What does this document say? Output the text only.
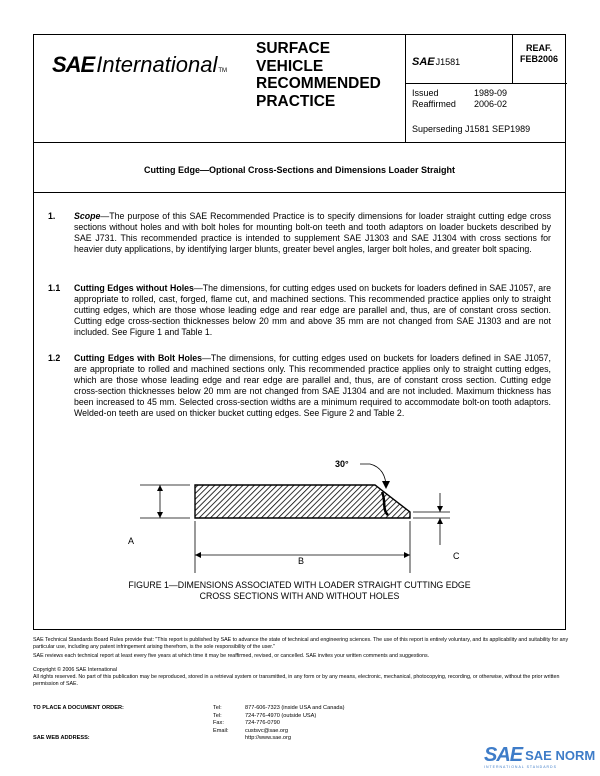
SAE International TM
SURFACE
VEHICLE
RECOMMENDED
PRACTICE
SAE J1581
REAF.
FEB2006
Issued	1989-09
Reaffirmed	2006-02
Superseding J1581 SEP1989
Cutting Edge—Optional Cross-Sections and Dimensions Loader Straight
1. Scope—The purpose of this SAE Recommended Practice is to specify dimensions for loader straight cutting edge cross sections without holes and with bolt holes for mounting bolt-on teeth and tooth adaptors on loader buckets described by SAE J731. This recommended practice is intended to supplement SAE J1303 and SAE J1304 with cross sections for heavier duty applications, by identifying larger blunts, greater bevel angles, larger bolt holes, and greater bolt spacing.
1.1 Cutting Edges without Holes—The dimensions, for cutting edges used on buckets for loaders defined in SAE J1057, are appropriate to rolled, cast, forged, flame cut, and machined sections. This recommended practice applies only to straight cutting edges, which are those whose leading edge and rear edge are parallel and, thus, are of constant cross section. Cutting edge cross-section thicknesses below 20 mm and above 35 mm are not changed from SAE J1303 and are not included. See Figure 1 and Table 1.
1.2 Cutting Edges with Bolt Holes—The dimensions, for cutting edges used on buckets for loaders defined in SAE J1057, are appropriate to rolled and machined sections only. This recommended practice applies only to straight cutting edges, which are those whose leading edge and rear edge are parallel and, thus, are of constant cross section. Cutting edge cross-section thicknesses below 20 mm are not changed from SAE J1304 and are not included. Maximum thickness has been increased to 45 mm. Selected cross-section widths are a minimum required to accommodate bolt-on tooth adaptors. Welded-on teeth are used on thicker bucket cutting edges. See Figure 2 and Table 2.
A
B	C
30°
FIGURE 1—DIMENSIONS ASSOCIATED WITH LOADER STRAIGHT CUTTING EDGE
CROSS SECTIONS WITH AND WITHOUT HOLES
SAE Technical Standards Board Rules provide that: "This report is published by SAE to advance the state of technical and engineering sciences. The use of this report is entirely voluntary, and its applicability and suitability for any particular use, including any patent infringement arising therefrom, is the sole responsibility of the user."
SAE reviews each technical report at least every five years at which time it may be reaffirmed, revised, or cancelled. SAE invites your written comments and suggestions.
Copyright © 2006 SAE International
All rights reserved. No part of this publication may be reproduced, stored in a retrieval system or transmitted, in any form or by any means, electronic, mechanical, photocopying, recording, or otherwise, without the prior written permission of SAE.
TO PLACE A DOCUMENT ORDER:	Tel:	877-606-7323 (inside USA and Canada)
Tel:	724-776-4970 (outside USA)
Fax:	724-776-0790
Email:	custsvc@sae.org
SAE WEB ADDRESS:	http://www.sae.org
SAE SAE NORM
INTERNATIONAL STANDARDS
